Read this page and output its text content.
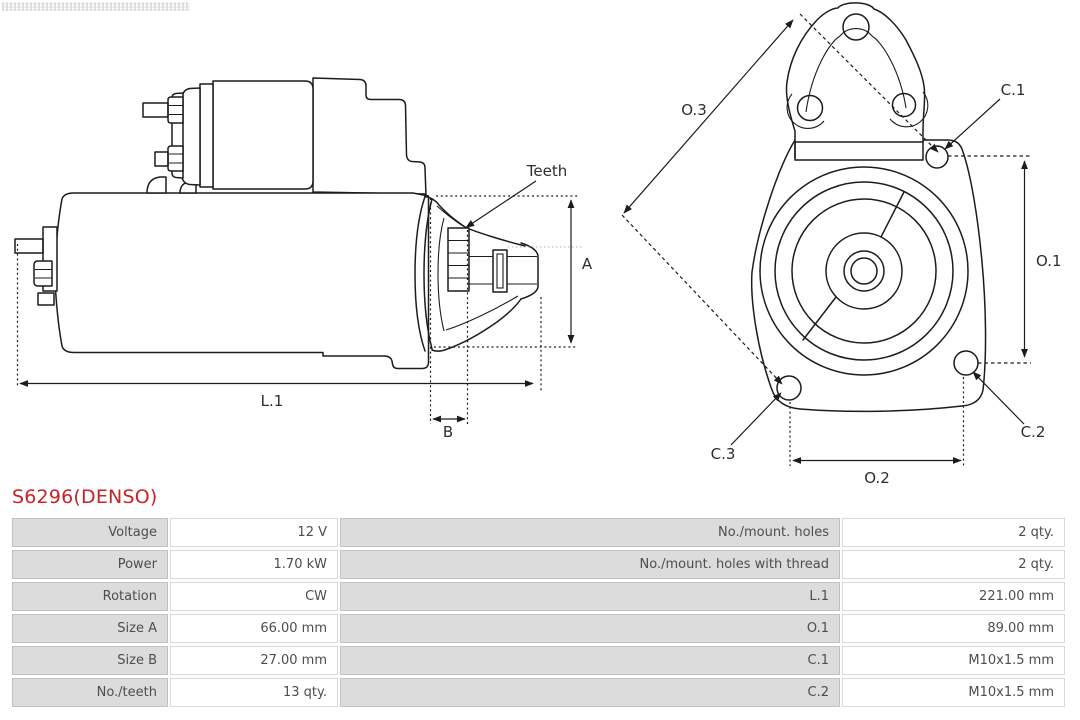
Teeth
A
B
L.1
O.3
O.1
O.2
C.1
C.2
C.3
S6296(DENSO)
Voltage	12 V	No./mount. holes	2 qty.
Power	1.70 kW	No./mount. holes with thread	2 qty.
Rotation	CW	L.1	221.00 mm
Size A	66.00 mm	O.1	89.00 mm
Size B	27.00 mm	C.1	M10x1.5 mm
No./teeth	13 qty.	C.2	M10x1.5 mm
